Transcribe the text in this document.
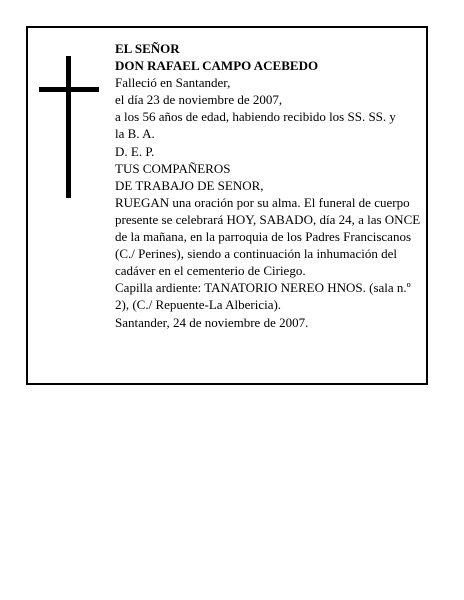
EL SEÑOR
DON RAFAEL CAMPO ACEBEDO
Falleció en Santander,
el día 23 de noviembre de 2007,
a los 56 años de edad, habiendo recibido los SS. SS. y
la B. A.
D. E. P.
TUS COMPAÑEROS
DE TRABAJO DE SENOR,
RUEGAN una oración por su alma. El funeral de cuerpo presente se celebrará HOY, SABADO, día 24, a las ONCE de la mañana, en la parroquia de los Padres Franciscanos (C./ Perines), siendo a continuación la inhumación del cadáver en el cementerio de Ciriego.
Capilla ardiente: TANATORIO NEREO HNOS. (sala n.º 2), (C./ Repuente-La Albericia).
Santander, 24 de noviembre de 2007.
